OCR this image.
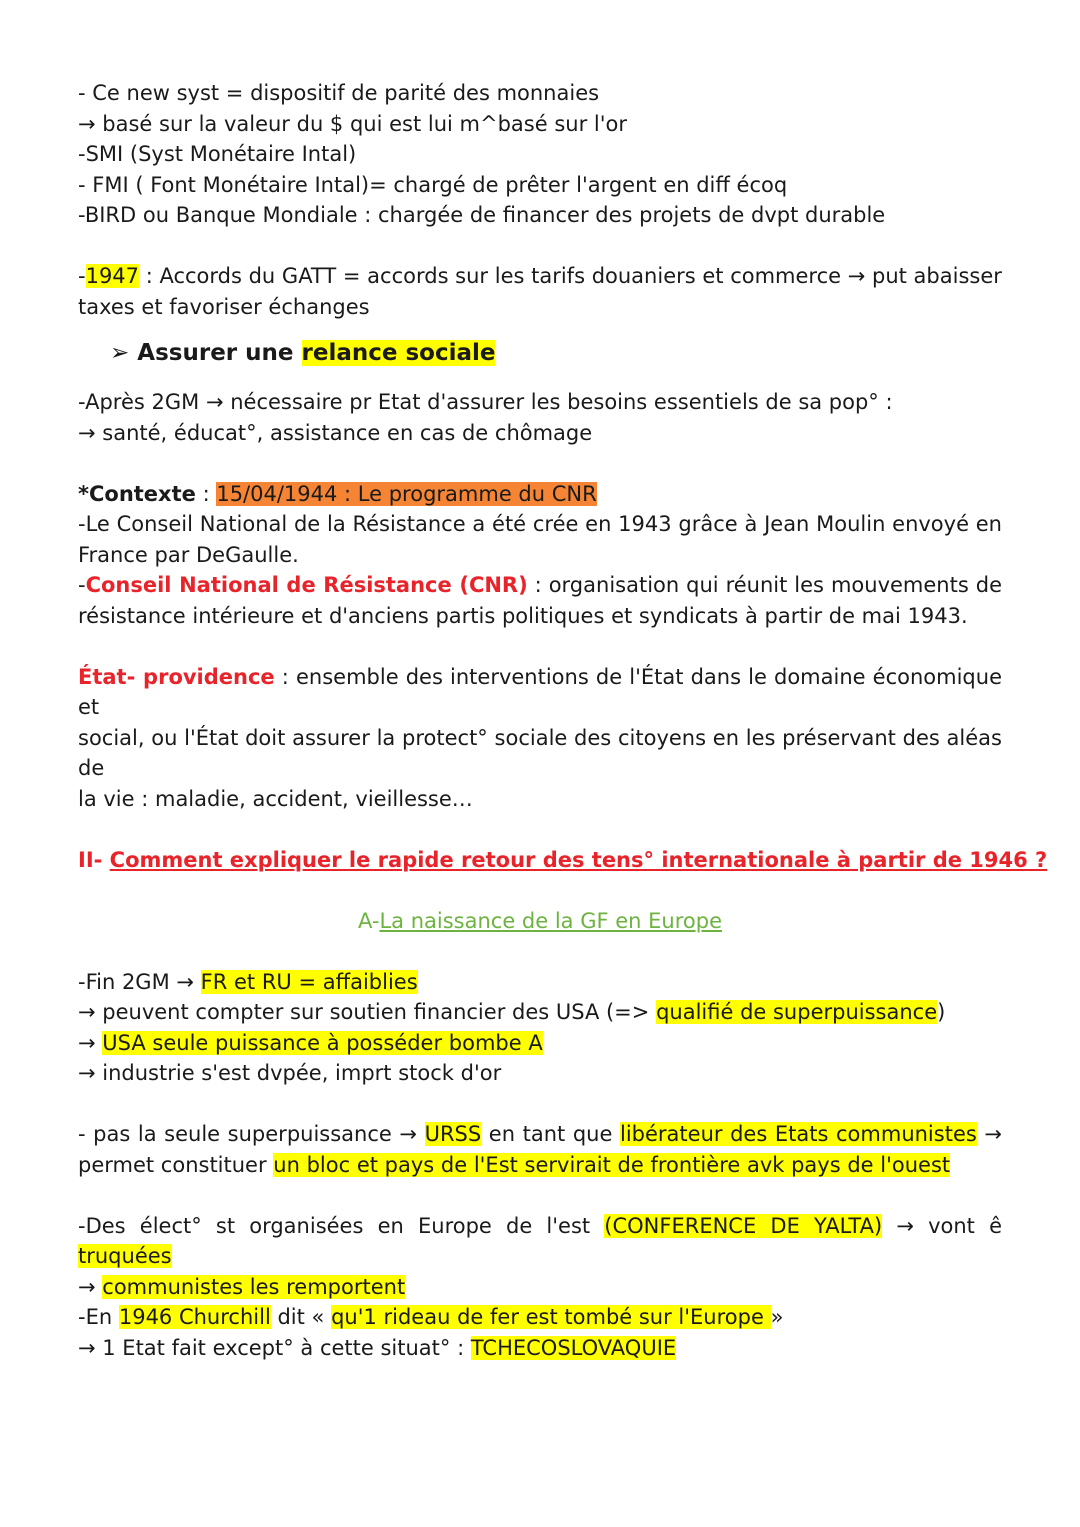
- Ce new syst = dispositif de parité des monnaies
→ basé sur la valeur du $ qui est lui m^basé sur l'or
-SMI (Syst Monétaire Intal)
- FMI ( Font Monétaire Intal)= chargé de prêter l'argent en diff écoq
-BIRD ou Banque Mondiale : chargée de financer des projets de dvpt durable
-1947 : Accords du GATT = accords sur les tarifs douaniers et commerce → put abaisser
taxes et favoriser échanges
➢ Assurer une relance sociale
-Après 2GM → nécessaire pr Etat d'assurer les besoins essentiels de sa pop° :
→ santé, éducat°, assistance en cas de chômage
*Contexte : 15/04/1944 : Le programme du CNR
-Le Conseil National de la Résistance a été crée en 1943 grâce à Jean Moulin envoyé en
France par DeGaulle.
-Conseil National de Résistance (CNR) : organisation qui réunit les mouvements de
résistance intérieure et d'anciens partis politiques et syndicats à partir de mai 1943.
État- providence : ensemble des interventions de l'État dans le domaine économique et
social, ou l'État doit assurer la protect° sociale des citoyens en les préservant des aléas de
la vie : maladie, accident, vieillesse…
II- Comment expliquer le rapide retour des tens° internationale à partir de 1946 ?
A-La naissance de la GF en Europe
-Fin 2GM → FR et RU = affaiblies
→ peuvent compter sur soutien financier des USA (=> qualifié de superpuissance)
→ USA seule puissance à posséder bombe A
→ industrie s'est dvpée, imprt stock d'or
- pas la seule superpuissance → URSS en tant que libérateur des Etats communistes →
permet constituer un bloc et pays de l'Est servirait de frontière avk pays de l'ouest
-Des élect° st organisées en Europe de l'est (CONFERENCE DE YALTA) → vont ê truquées
→ communistes les remportent
-En 1946 Churchill dit « qu'1 rideau de fer est tombé sur l'Europe »
→ 1 Etat fait except° à cette situat° : TCHECOSLOVAQUIE
